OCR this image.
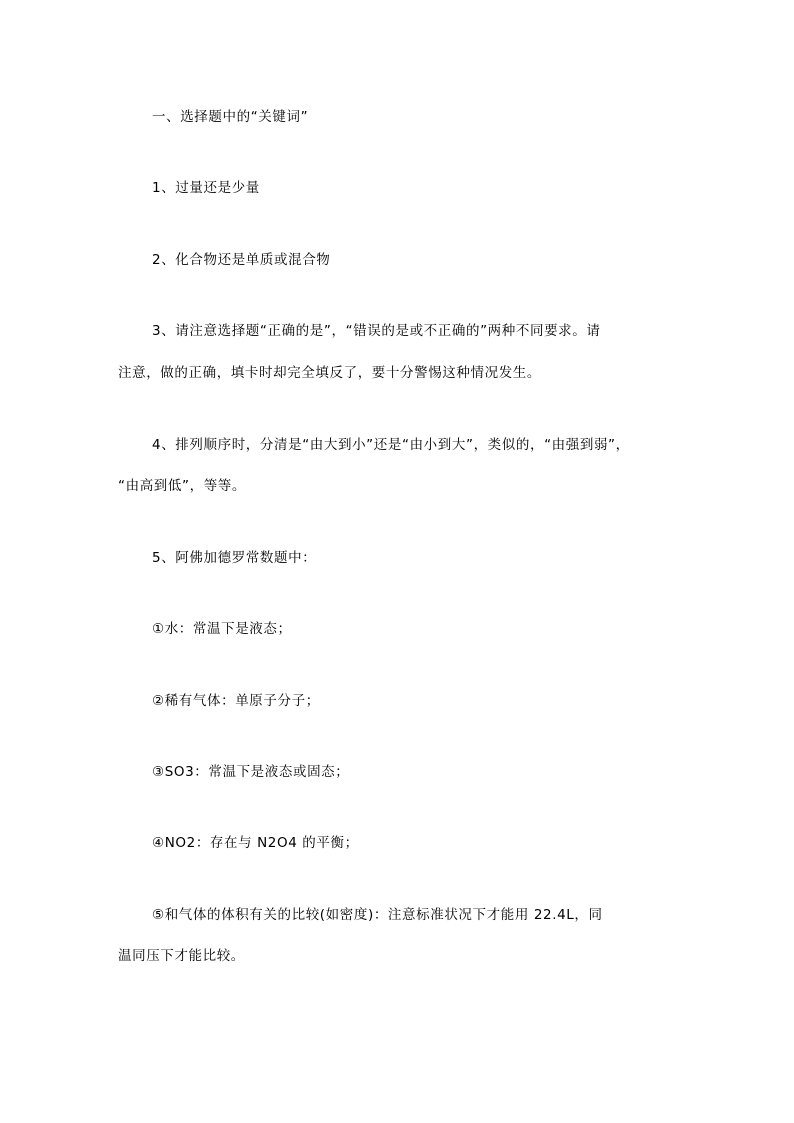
一、选择题中的“关键词”
1、过量还是少量
2、化合物还是单质或混合物
3、请注意选择题“正确的是”，“错误的是或不正确的”两种不同要求。请
注意，做的正确，填卡时却完全填反了，要十分警惕这种情况发生。
4、排列顺序时，分清是“由大到小”还是“由小到大”，类似的，“由强到弱”，
“由高到低”，等等。
5、阿佛加德罗常数题中：
①水：常温下是液态；
②稀有气体：单原子分子；
③SO3：常温下是液态或固态；
④NO2：存在与 N2O4 的平衡；
⑤和气体的体积有关的比较(如密度)：注意标准状况下才能用 22.4L，同
温同压下才能比较。
